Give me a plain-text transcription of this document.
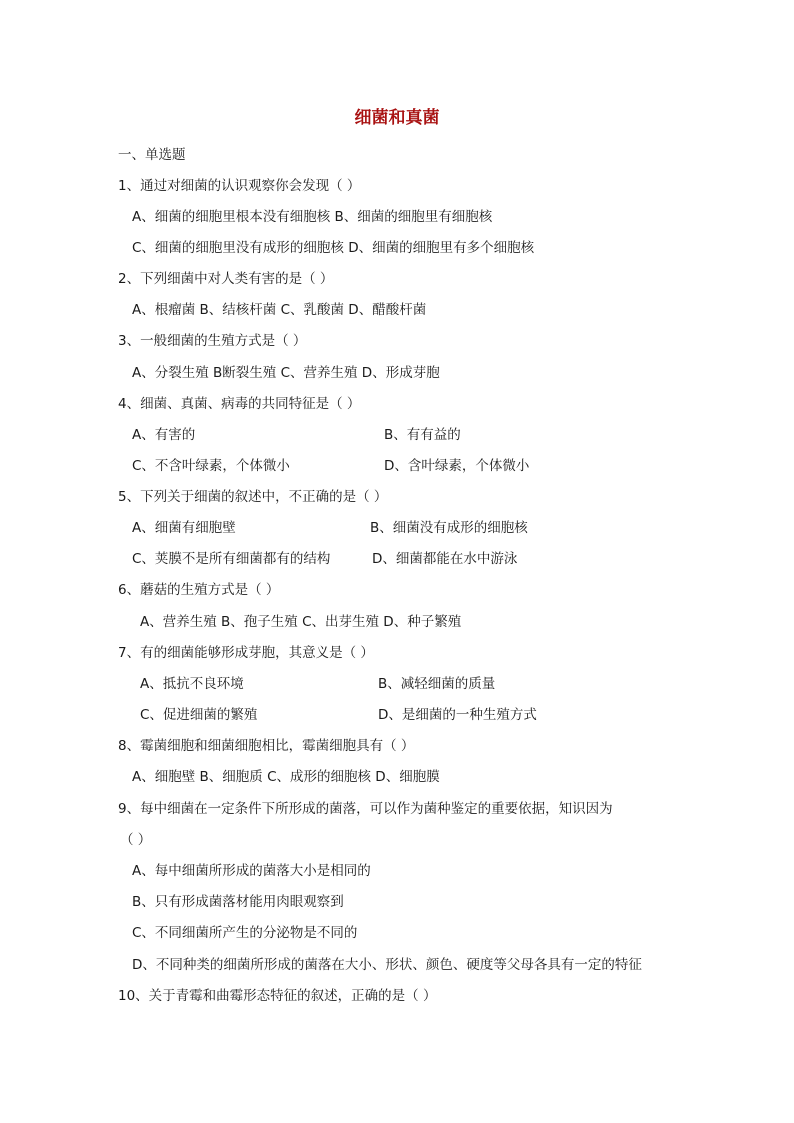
细菌和真菌
一、单选题
1、通过对细菌的认识观察你会发现（ ）
A、细菌的细胞里根本没有细胞核 B、细菌的细胞里有细胞核
C、细菌的细胞里没有成形的细胞核 D、细菌的细胞里有多个细胞核
2、下列细菌中对人类有害的是（ ）
A、根瘤菌 B、结核杆菌 C、乳酸菌 D、醋酸杆菌
3、一般细菌的生殖方式是（ ）
A、分裂生殖 B断裂生殖 C、营养生殖 D、形成芽胞
4、细菌、真菌、病毒的共同特征是（ ）
A、有害的	B、有有益的
C、不含叶绿素，个体微小	D、含叶绿素，个体微小
5、下列关于细菌的叙述中，不正确的是（ ）
A、细菌有细胞壁	B、细菌没有成形的细胞核
C、荚膜不是所有细菌都有的结构	D、细菌都能在水中游泳
6、蘑菇的生殖方式是（ ）
A、营养生殖 B、孢子生殖 C、出芽生殖 D、种子繁殖
7、有的细菌能够形成芽胞，其意义是（ ）
A、抵抗不良环境	B、减轻细菌的质量
C、促进细菌的繁殖	D、是细菌的一种生殖方式
8、霉菌细胞和细菌细胞相比，霉菌细胞具有（ ）
A、细胞壁 B、细胞质 C、成形的细胞核 D、细胞膜
9、每中细菌在一定条件下所形成的菌落，可以作为菌种鉴定的重要依据，知识因为
（ ）
A、每中细菌所形成的菌落大小是相同的
B、只有形成菌落材能用肉眼观察到
C、不同细菌所产生的分泌物是不同的
D、不同种类的细菌所形成的菌落在大小、形状、颜色、硬度等父母各具有一定的特征
10、关于青霉和曲霉形态特征的叙述，正确的是（ ）
